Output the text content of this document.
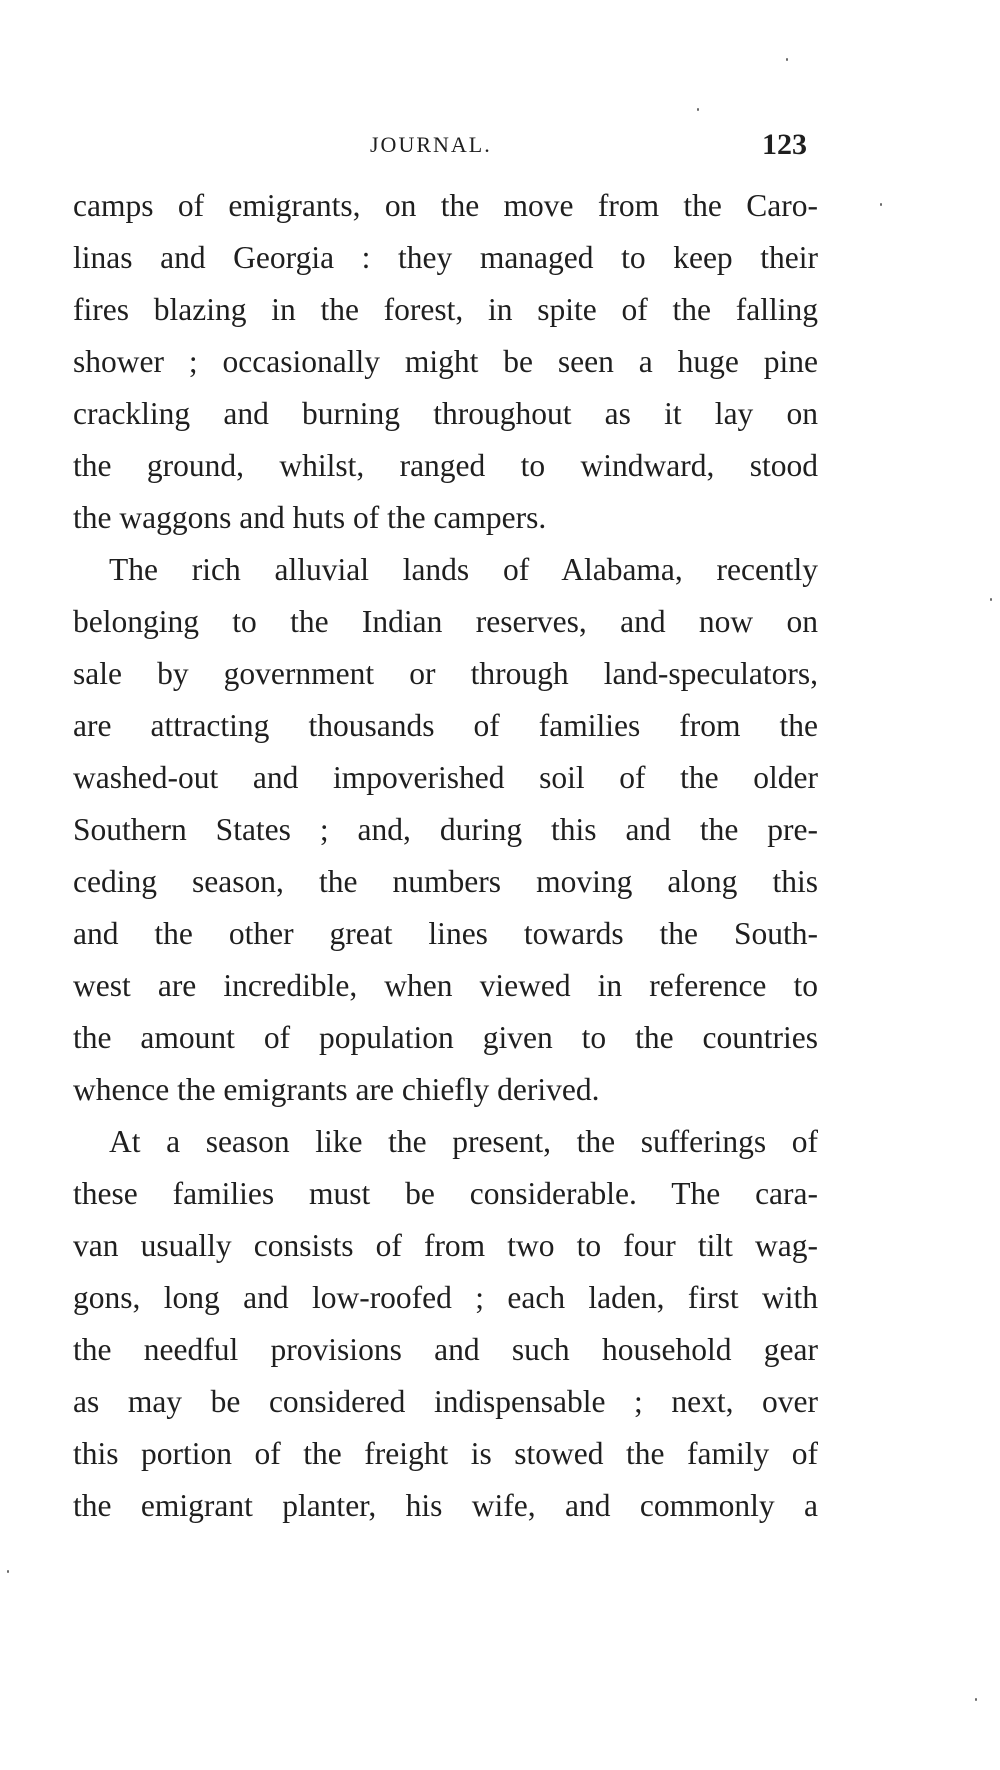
JOURNAL.	123
camps of emigrants, on the move from the Caro-
linas and Georgia : they managed to keep their
fires blazing in the forest, in spite of the falling
shower ; occasionally might be seen a huge pine
crackling and burning throughout as it lay on
the ground, whilst, ranged to windward, stood
the waggons and huts of the campers.
The rich alluvial lands of Alabama, recently
belonging to the Indian reserves, and now on
sale by government or through land-speculators,
are attracting thousands of families from the
washed-out and impoverished soil of the older
Southern States ; and, during this and the pre-
ceding season, the numbers moving along this
and the other great lines towards the South-
west are incredible, when viewed in reference to
the amount of population given to the countries
whence the emigrants are chiefly derived.
At a season like the present, the sufferings of
these families must be considerable. The cara-
van usually consists of from two to four tilt wag-
gons, long and low-roofed ; each laden, first with
the needful provisions and such household gear
as may be considered indispensable ; next, over
this portion of the freight is stowed the family of
the emigrant planter, his wife, and commonly a
